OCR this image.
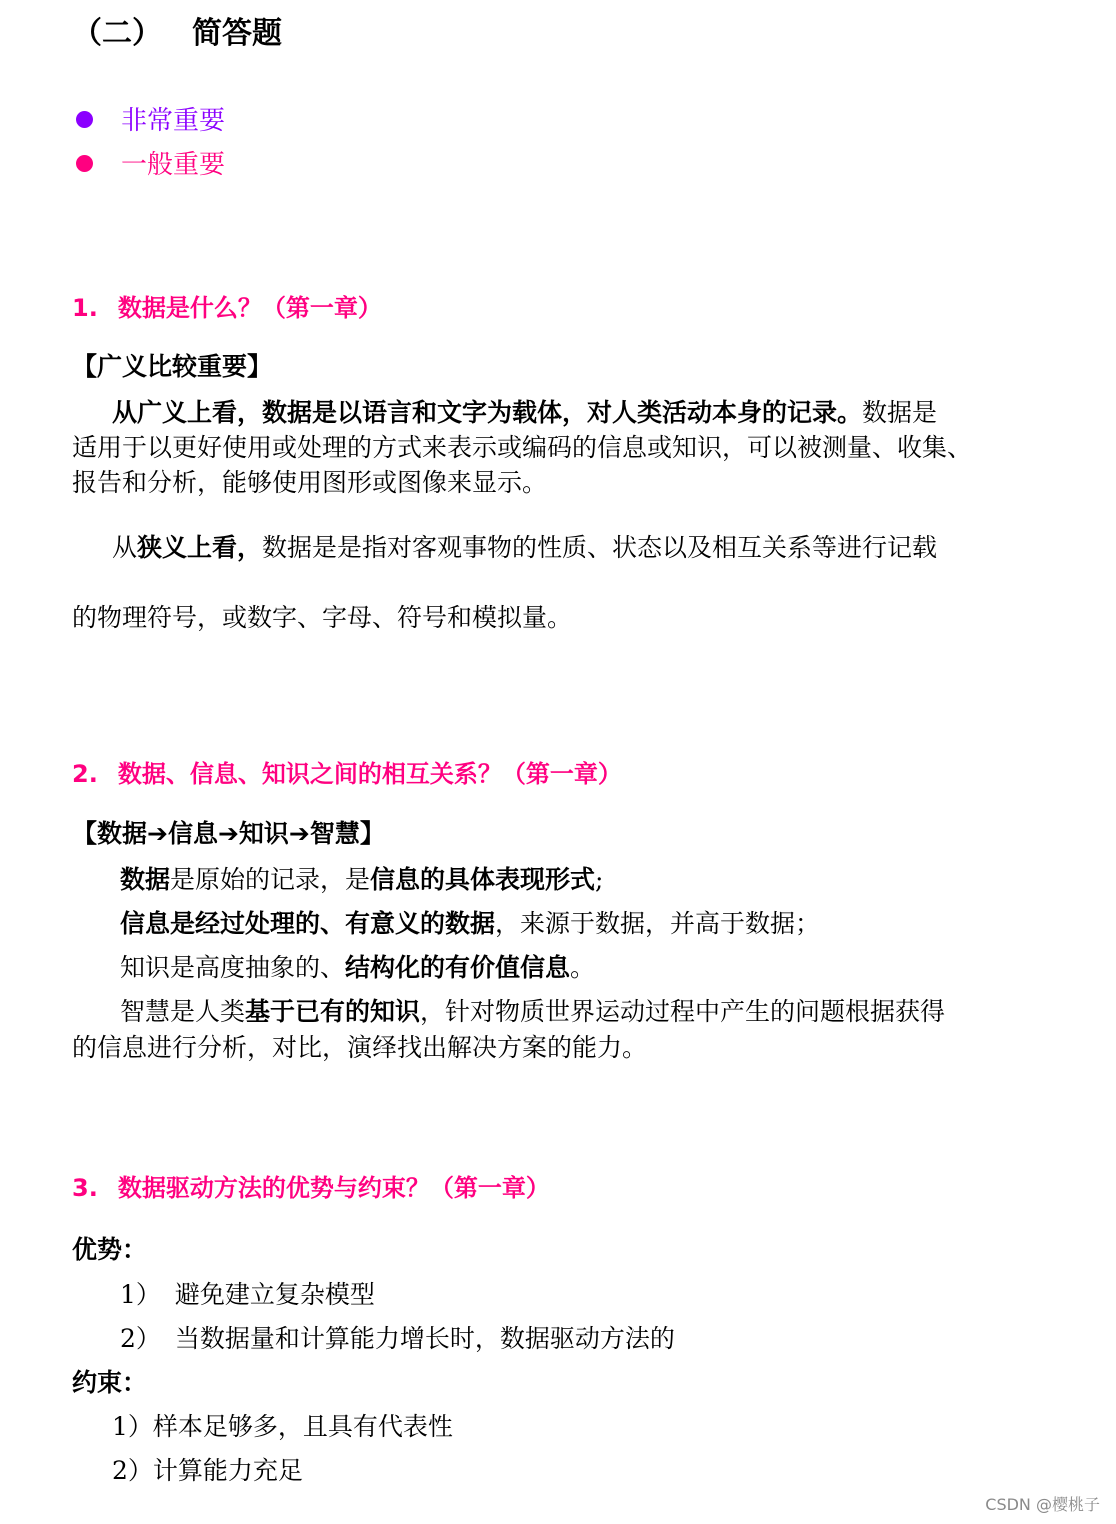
（二） 简答题
非常重要
一般重要
1. 数据是什么？（第一章）
【广义比较重要】
从广义上看，数据是以语言和文字为载体，对人类活动本身的记录。数据是
适用于以更好使用或处理的方式来表示或编码的信息或知识，可以被测量、收集、
报告和分析，能够使用图形或图像来显示。
从狭义上看，数据是是指对客观事物的性质、状态以及相互关系等进行记载
的物理符号，或数字、字母、符号和模拟量。
2. 数据、信息、知识之间的相互关系？（第一章）
【数据➔信息➔知识➔智慧】
数据是原始的记录，是信息的具体表现形式;
信息是经过处理的、有意义的数据，来源于数据，并高于数据；
知识是高度抽象的、结构化的有价值信息。
智慧是人类基于已有的知识，针对物质世界运动过程中产生的问题根据获得
的信息进行分析，对比，演绎找出解决方案的能力。
3. 数据驱动方法的优势与约束？（第一章）
优势：
1） 避免建立复杂模型
2） 当数据量和计算能力增长时，数据驱动方法的
约束：
1）样本足够多，且具有代表性
2）计算能力充足
CSDN @樱桃子
